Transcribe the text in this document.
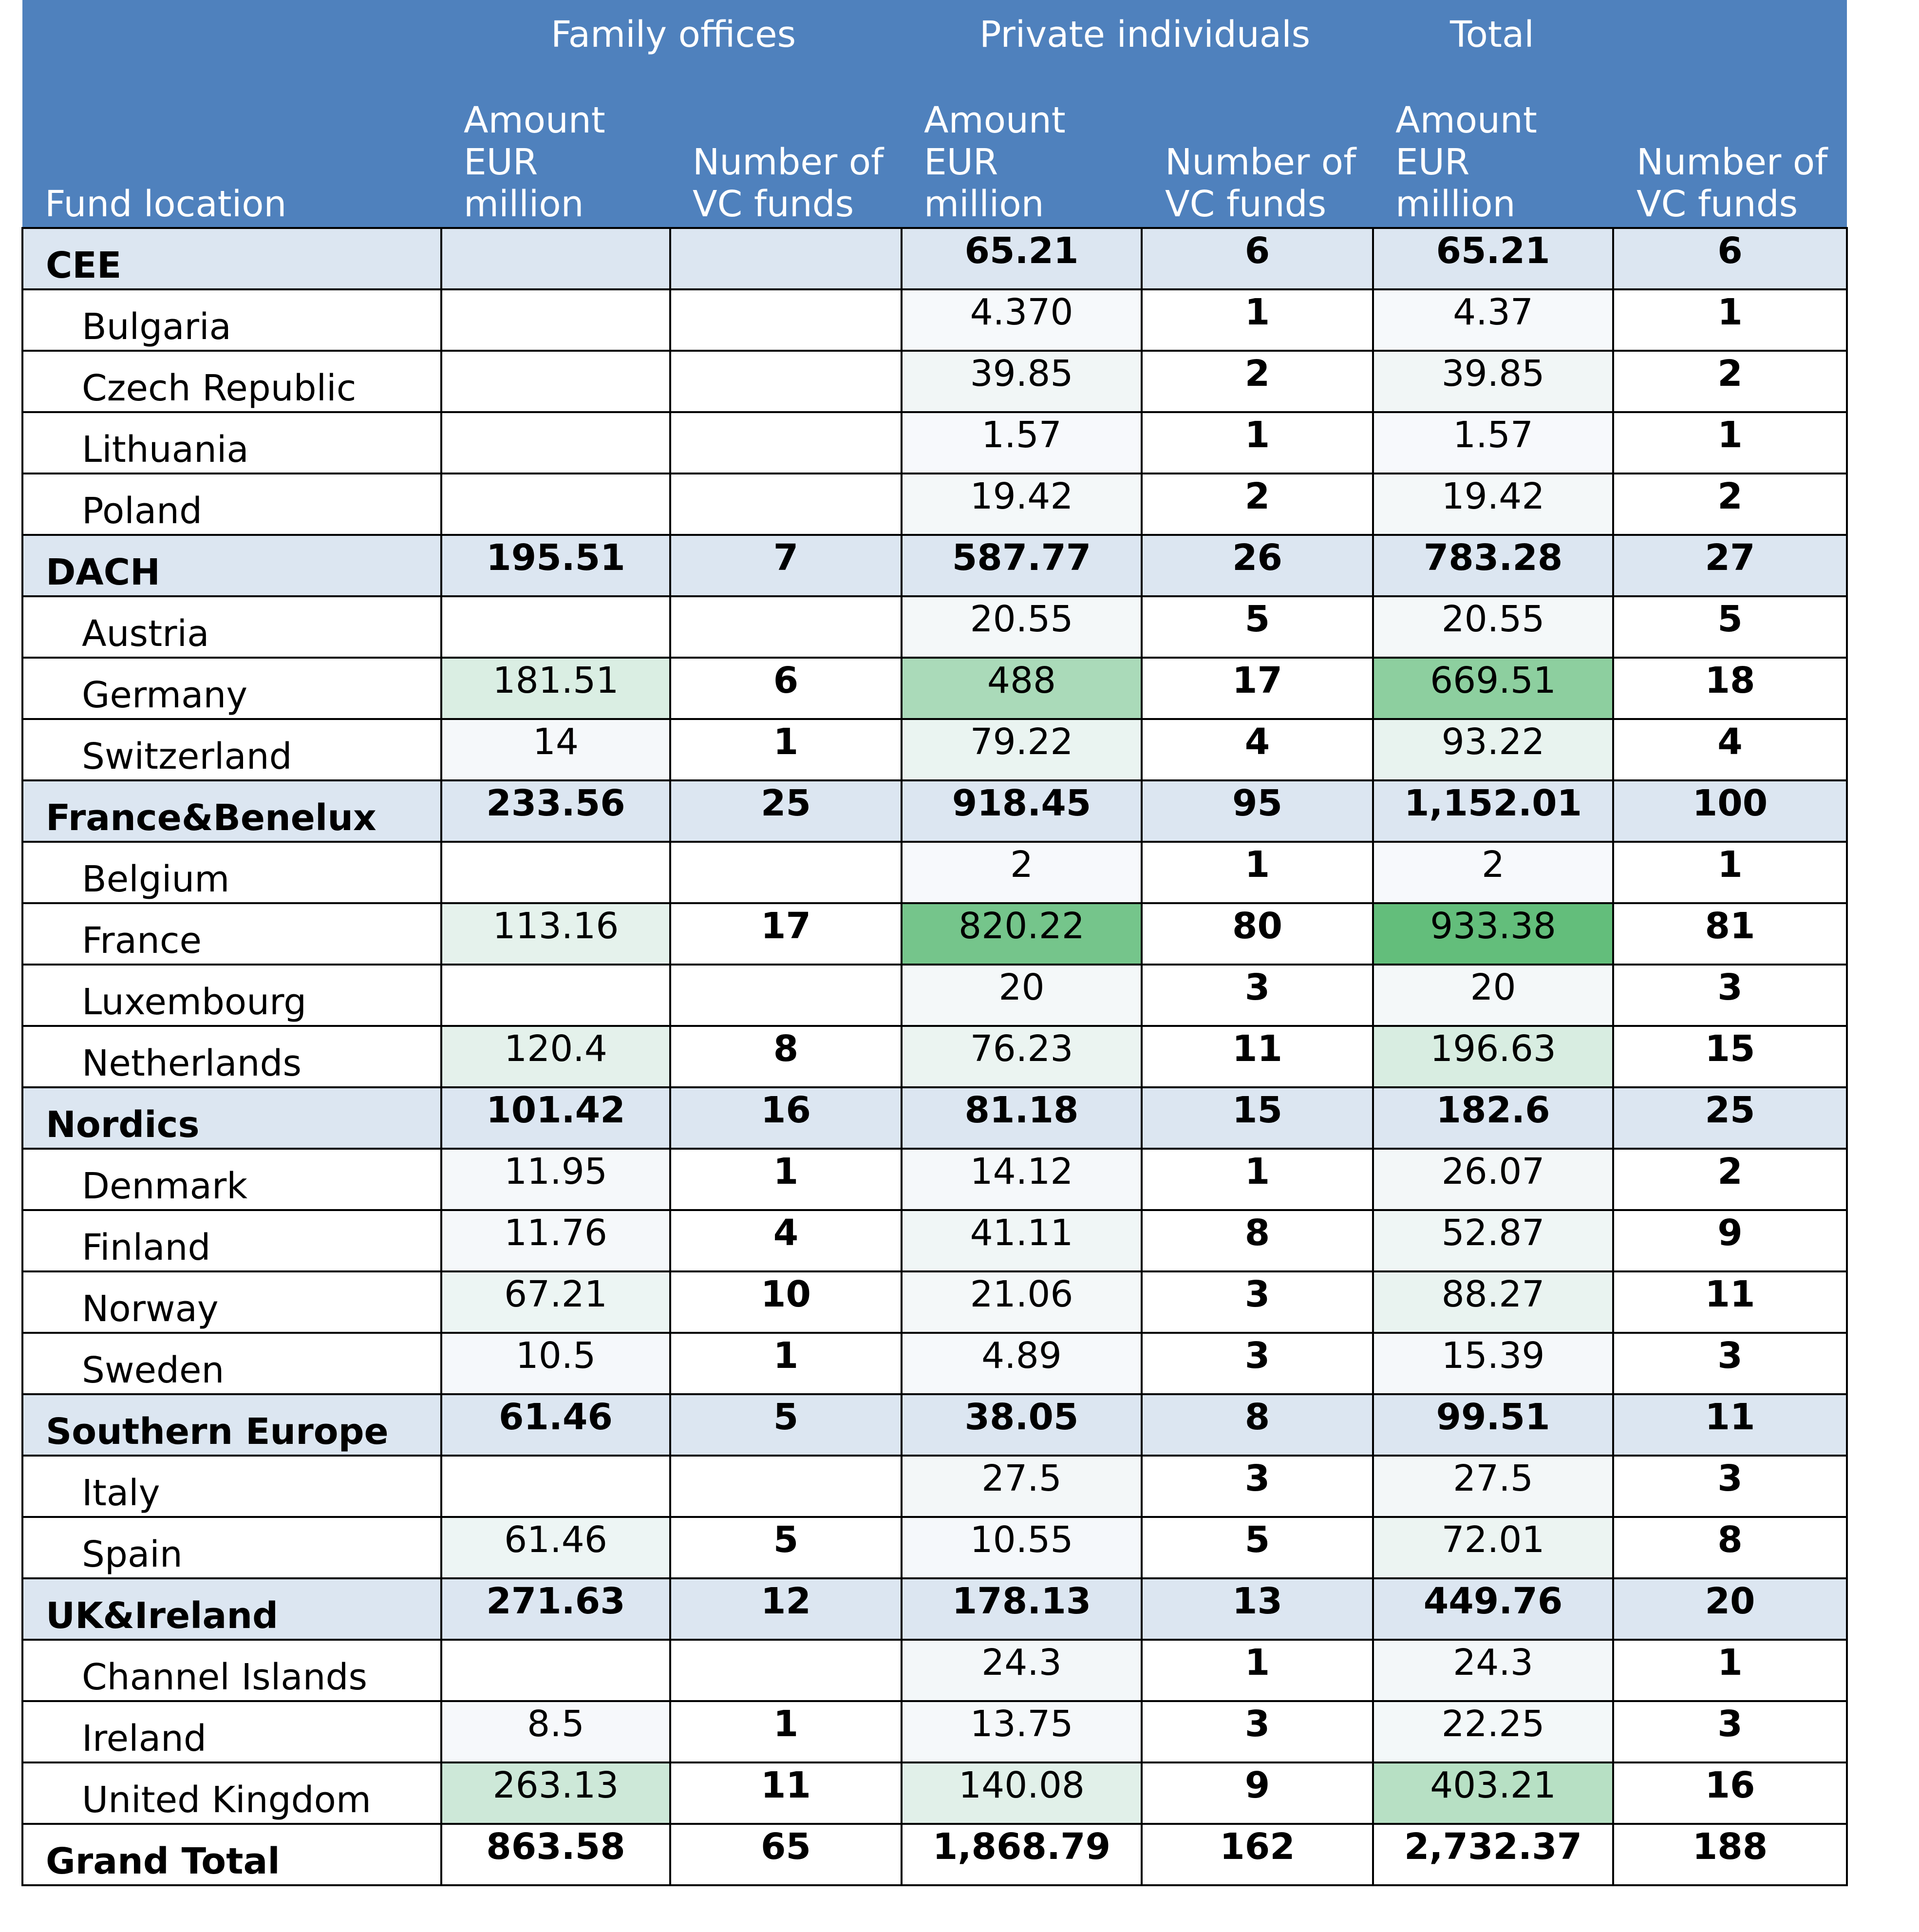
	Family offices		Private individuals		Total	
Fund location	Amount
EUR
million	Number of
VC funds	Amount
EUR
million	Number of
VC funds	Amount
EUR
million	Number of
VC funds

CEE			65.21	6	65.21	6
Bulgaria			4.370	1	4.37	1
Czech Republic			39.85	2	39.85	2
Lithuania			1.57	1	1.57	1
Poland			19.42	2	19.42	2
DACH	195.51	7	587.77	26	783.28	27
Austria			20.55	5	20.55	5
Germany	181.51	6	488	17	669.51	18
Switzerland	14	1	79.22	4	93.22	4
France&Benelux	233.56	25	918.45	95	1,152.01	100
Belgium			2	1	2	1
France	113.16	17	820.22	80	933.38	81
Luxembourg			20	3	20	3
Netherlands	120.4	8	76.23	11	196.63	15
Nordics	101.42	16	81.18	15	182.6	25
Denmark	11.95	1	14.12	1	26.07	2
Finland	11.76	4	41.11	8	52.87	9
Norway	67.21	10	21.06	3	88.27	11
Sweden	10.5	1	4.89	3	15.39	3
Southern Europe	61.46	5	38.05	8	99.51	11
Italy			27.5	3	27.5	3
Spain	61.46	5	10.55	5	72.01	8
UK&Ireland	271.63	12	178.13	13	449.76	20
Channel Islands			24.3	1	24.3	1
Ireland	8.5	1	13.75	3	22.25	3
United Kingdom	263.13	11	140.08	9	403.21	16
Grand Total	863.58	65	1,868.79	162	2,732.37	188
